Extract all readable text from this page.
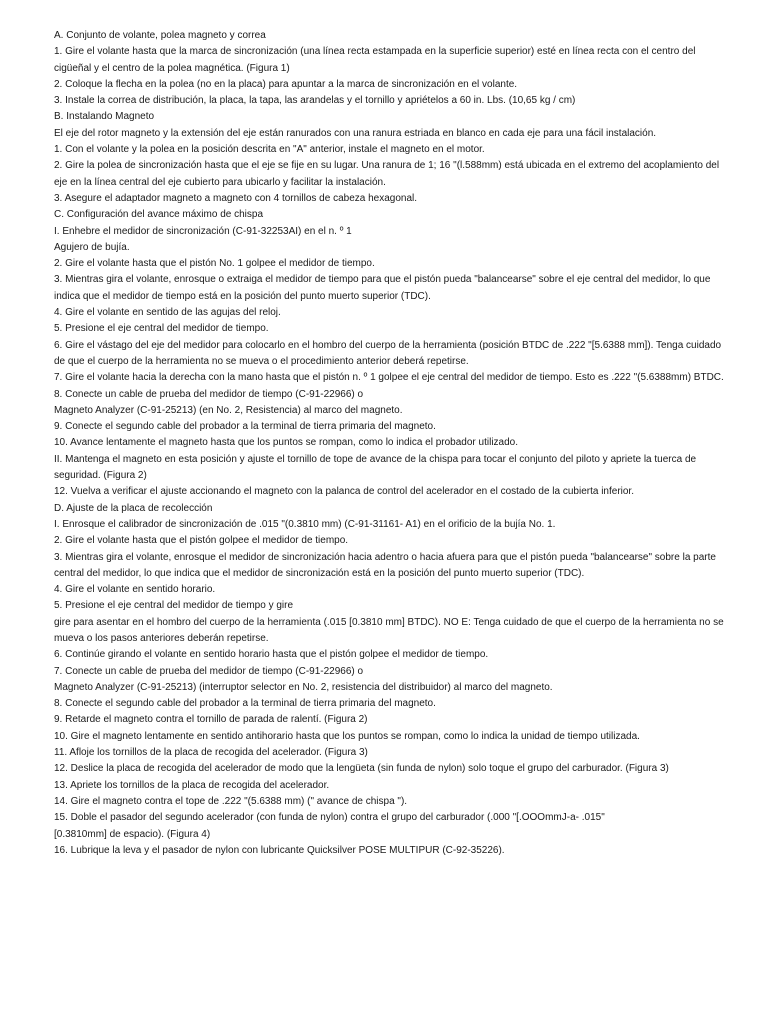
A. Conjunto de volante, polea magneto y correa
1. Gire el volante hasta que la marca de sincronización (una línea recta estampada en la superficie superior) esté en línea recta con el centro del cigüeñal y el centro de la polea magnética. (Figura 1)
2. Coloque la flecha en la polea (no en la placa) para apuntar a la marca de sincronización en el volante.
3. Instale la correa de distribución, la placa, la tapa, las arandelas y el tornillo y apriételos a 60 in. Lbs. (10,65 kg / cm)
B. Instalando Magneto
El eje del rotor magneto y la extensión del eje están ranurados con una ranura estriada en blanco en cada eje para una fácil instalación.
1. Con el volante y la polea en la posición descrita en "A" anterior, instale el magneto en el motor.
2. Gire la polea de sincronización hasta que el eje se fije en su lugar. Una ranura de 1; 16 "(l.588mm) está ubicada en el extremo del acoplamiento del eje en la línea central del eje cubierto para ubicarlo y facilitar la instalación.
3. Asegure el adaptador magneto a magneto con 4 tornillos de cabeza hexagonal.
C. Configuración del avance máximo de chispa
I. Enhebre el medidor de sincronización (C-91-32253AI) en el n. º 1
Agujero de bujía.
2. Gire el volante hasta que el pistón No. 1 golpee el medidor de tiempo.
3. Mientras gira el volante, enrosque o extraiga el medidor de tiempo para que el pistón pueda "balancearse" sobre el eje central del medidor, lo que indica que el medidor de tiempo está en la posición del punto muerto superior (TDC).
4. Gire el volante en sentido de las agujas del reloj.
5. Presione el eje central del medidor de tiempo.
6. Gire el vástago del eje del medidor para colocarlo en el hombro del cuerpo de la herramienta (posición BTDC de .222 "[5.6388 mm]). Tenga cuidado de que el cuerpo de la herramienta no se mueva o el procedimiento anterior deberá repetirse.
7. Gire el volante hacia la derecha con la mano hasta que el pistón n. º 1 golpee el eje central del medidor de tiempo. Esto es .222 "(5.6388mm) BTDC.
8. Conecte un cable de prueba del medidor de tiempo (C-91-22966) o
Magneto Analyzer (C-91-25213) (en No. 2, Resistencia) al marco del magneto.
9. Conecte el segundo cable del probador a la terminal de tierra primaria del magneto.
10. Avance lentamente el magneto hasta que los puntos se rompan, como lo indica el probador utilizado.
II. Mantenga el magneto en esta posición y ajuste el tornillo de tope de avance de la chispa para tocar el conjunto del piloto y apriete la tuerca de seguridad. (Figura 2)
12. Vuelva a verificar el ajuste accionando el magneto con la palanca de control del acelerador en el costado de la cubierta inferior.
D. Ajuste de la placa de recolección
I. Enrosque el calibrador de sincronización de .015 "(0.3810 mm) (C-91-31161- A1) en el orificio de la bujía No. 1.
2. Gire el volante hasta que el pistón golpee el medidor de tiempo.
3. Mientras gira el volante, enrosque el medidor de sincronización hacia adentro o hacia afuera para que el pistón pueda "balancearse" sobre la parte central del medidor, lo que indica que el medidor de sincronización está en la posición del punto muerto superior (TDC).
4. Gire el volante en sentido horario.
5. Presione el eje central del medidor de tiempo y gire
gire para asentar en el hombro del cuerpo de la herramienta (.015 [0.3810 mm] BTDC). NO E: Tenga cuidado de que el cuerpo de la herramienta no se mueva o los pasos anteriores deberán repetirse.
6. Continúe girando el volante en sentido horario hasta que el pistón golpee el medidor de tiempo.
7. Conecte un cable de prueba del medidor de tiempo (C-91-22966) o
Magneto Analyzer (C-91-25213) (interruptor selector en No. 2, resistencia del distribuidor) al marco del magneto.
8. Conecte el segundo cable del probador a la terminal de tierra primaria del magneto.
9. Retarde el magneto contra el tornillo de parada de ralentí. (Figura 2)
10. Gire el magneto lentamente en sentido antihorario hasta que los puntos se rompan, como lo indica la unidad de tiempo utilizada.
11. Afloje los tornillos de la placa de recogida del acelerador. (Figura 3)
12. Deslice la placa de recogida del acelerador de modo que la lengüeta (sin funda de nylon) solo toque el grupo del carburador. (Figura 3)
13. Apriete los tornillos de la placa de recogida del acelerador.
14. Gire el magneto contra el tope de .222 "(5.6388 mm) (" avance de chispa ").
15. Doble el pasador del segundo acelerador (con funda de nylon) contra el grupo del carburador (.000 "[.OOOmmJ-a- .015"
[0.3810mm] de espacio). (Figura 4)
16. Lubrique la leva y el pasador de nylon con lubricante Quicksilver POSE MULTIPUR (C-92-35226).
